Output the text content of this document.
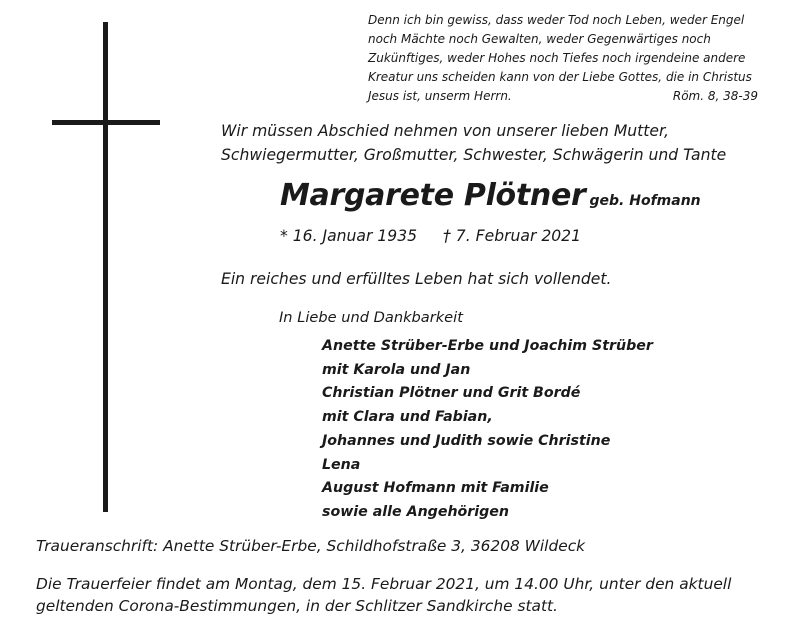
Denn ich bin gewiss, dass weder Tod noch Leben, weder Engel
noch Mächte noch Gewalten, weder Gegenwärtiges noch
Zukünftiges, weder Hohes noch Tiefes noch irgendeine andere
Kreatur uns scheiden kann von der Liebe Gottes, die in Christus
Jesus ist, unserm Herrn.	Röm. 8, 38-39
Wir müssen Abschied nehmen von unserer lieben Mutter,
Schwiegermutter, Großmutter, Schwester, Schwägerin und Tante
Margarete Plötner geb. Hofmann
* 16. Januar 1935 † 7. Februar 2021
Ein reiches und erfülltes Leben hat sich vollendet.
In Liebe und Dankbarkeit
Anette Strüber-Erbe und Joachim Strüber
mit Karola und Jan
Christian Plötner und Grit Bordé
mit Clara und Fabian,
Johannes und Judith sowie Christine
Lena
August Hofmann mit Familie
sowie alle Angehörigen
Traueranschrift: Anette Strüber-Erbe, Schildhofstraße 3, 36208 Wildeck
Die Trauerfeier findet am Montag, dem 15. Februar 2021, um 14.00 Uhr, unter den aktuell
geltenden Corona-Bestimmungen, in der Schlitzer Sandkirche statt.
